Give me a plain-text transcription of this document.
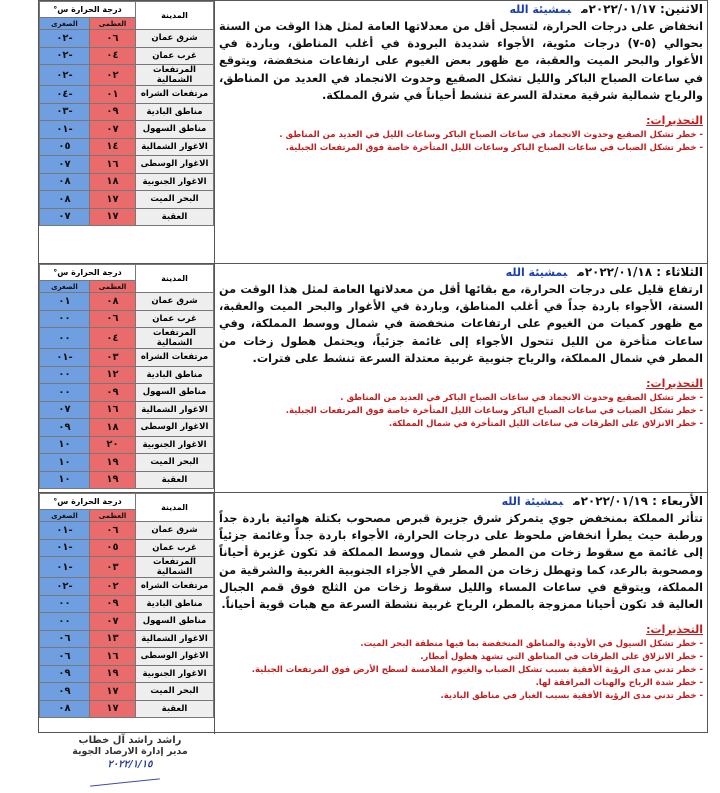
المدينة	درجة الحرارة س°	
	العظمى	الصغرى
شرق عمان	٠٦	-٠٢
غرب عمان	٠٤	-٠٢
المرتفعات الشمالية	٠٢	-٠٢
مرتفعات الشراه	٠١	-٠٤
مناطق البادية	٠٩	-٠٣
مناطق السهول	٠٧	-٠١
الاغوار الشمالية	١٤	٠٥
الاغوار الوسطى	١٦	٠٧
الاغوار الجنوبية	١٨	٠٨
البحر الميت	١٧	٠٨
العقبة	١٧	٠٧
الاثنين: ٢٠٢٢/٠١/١٧مبمشيئة الله

انخفاض على درجات الحرارة، لتسجل أقل من معدلاتها العامة لمثل هذا الوقت من السنة بحوالي (٥-٧) درجات مئوية، الأجواء شديدة البرودة في أغلب المناطق، وباردة في الأغوار والبحر الميت والعقبة، مع ظهور بعض الغيوم على ارتفاعات منخفضة، ويتوقع في ساعات الصباح الباكر والليل تشكل الصقيع وحدوث الانجماد في العديد من المناطق، والرياح شمالية شرقية معتدلة السرعة تنشط أحياناً في شرق المملكة.

التحذيرات:
- خطر تشكل الصقيع وحدوث الانجماد في ساعات الصباح الباكر وساعات الليل في العديد من المناطق .
- خطر تشكل الضباب في ساعات الصباح الباكر وساعات الليل المتأخرة خاصة فوق المرتفعات الجبلية.
المدينة	درجة الحرارة س°	
	العظمى	الصغرى
شرق عمان	٠٨	٠١
غرب عمان	٠٦	٠٠
المرتفعات الشمالية	٠٤	٠٠
مرتفعات الشراه	٠٣	-٠١
مناطق البادية	١٢	٠٠
مناطق السهول	٠٩	٠٠
الاغوار الشمالية	١٦	٠٧
الاغوار الوسطى	١٨	٠٩
الاغوار الجنوبية	٢٠	١٠
البحر الميت	١٩	١٠
العقبة	١٩	١٠
الثلاثاء : ٢٠٢٢/٠١/١٨مبمشيئة الله

ارتفاع قليل على درجات الحرارة، مع بقائها أقل من معدلاتها العامة لمثل هذا الوقت من السنة، الأجواء باردة جداً في أغلب المناطق، وباردة في الأغوار والبحر الميت والعقبة، مع ظهور كميات من الغيوم على ارتفاعات منخفضة في شمال ووسط المملكة، وفي ساعات متأخرة من الليل تتحول الأجواء إلى غائمة جزئياً، ويحتمل هطول زخات من المطر في شمال المملكة، والرياح جنوبية غربية معتدلة السرعة تنشط على فترات.

التحذيرات:
- خطر تشكل الصقيع وحدوث الانجماد في ساعات الصباح الباكر في العديد من المناطق .
- خطر تشكل الضباب في ساعات الصباح الباكر وساعات الليل المتأخرة خاصة فوق المرتفعات الجبلية.
- خطر الانزلاق على الطرقات في ساعات الليل المتأخرة في شمال المملكة.
المدينة	درجة الحرارة س°	
	العظمى	الصغرى
شرق عمان	٠٦	-٠١
غرب عمان	٠٥	-٠١
المرتفعات الشمالية	٠٣	-٠١
مرتفعات الشراه	٠٢	-٠٢
مناطق البادية	٠٩	٠٠
مناطق السهول	٠٧	٠٠
الاغوار الشمالية	١٣	٠٦
الاغوار الوسطى	١٦	٠٦
الاغوار الجنوبية	١٩	٠٩
البحر الميت	١٧	٠٩
العقبة	١٧	٠٨
الأربعاء : ٢٠٢٢/٠١/١٩مبمشيئة الله

تتأثر المملكة بمنخفض جوي يتمركز شرق جزيرة قبرص مصحوب بكتلة هوائية باردة جداً ورطبة حيث يطرأ انخفاض ملحوظ على درجات الحرارة، الأجواء باردة جداً وغائمة جزئياً إلى غائمة مع سقوط زخات من المطر في شمال ووسط المملكة قد تكون غزيرة أحياناً ومصحوبة بالرعد، كما وتهطل زخات من المطر في الأجزاء الجنوبية الغربية والشرقية من المملكة، ويتوقع في ساعات المساء والليل سقوط زخات من الثلج فوق قمم الجبال العالية قد تكون أحيانا ممزوجة بالمطر، الرياح غربية نشطة السرعة مع هبات قوية أحياناً.

التحذيرات:
- خطر تشكل السيول في الأودية والمناطق المنخفضة بما فيها منطقة البحر الميت.
- خطر الانزلاق على الطرقات في المناطق التي تشهد هطول أمطار.
- خطر تدني مدى الرؤية الأفقية بسبب تشكل الضباب والغيوم الملامسة لسطح الأرض فوق المرتفعات الجبلية.
- خطر شدة الرياح والهبات المرافقة لها.
- خطر تدني مدى الرؤية الأفقية بسبب الغبار في مناطق البادية.
راشد راشد آل خطاب
مدير إدارة الارصاد الجوية
٢٠٢٢/١/١٥
